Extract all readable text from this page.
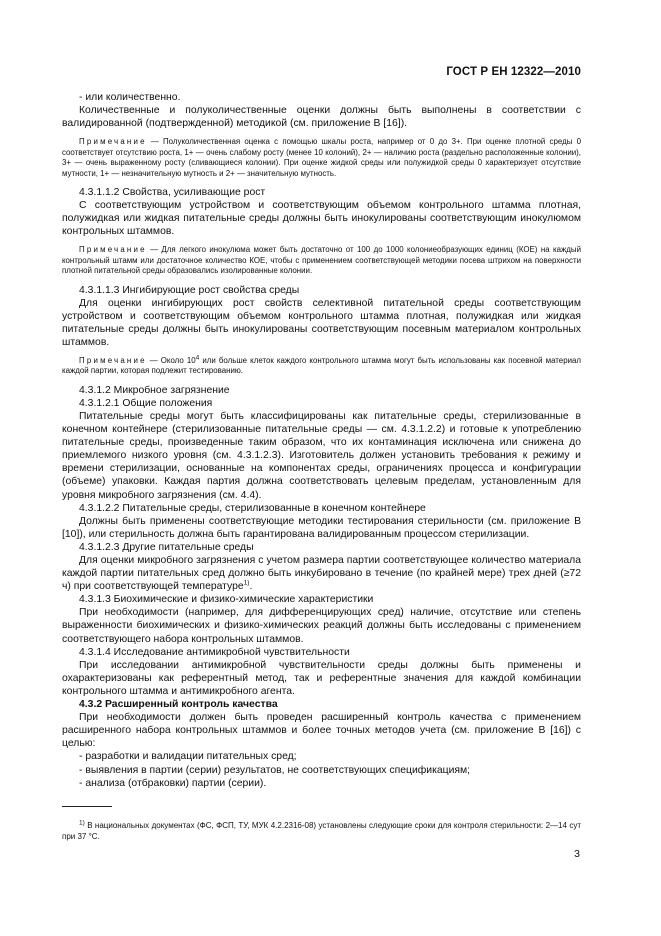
ГОСТ Р ЕН 12322—2010

- или количественно.

Количественные и полуколичественные оценки должны быть выполнены в соответствии с валидированной (подтвержденной) методикой (см. приложение В [16]).

Примечание — Полуколичественная оценка с помощью шкалы роста, например от 0 до 3+. При оценке плотной среды 0 соответствует отсутствию роста, 1+ — очень слабому росту (менее 10 колоний), 2+ — наличию роста (раздельно расположенные колонии), 3+ — очень выраженному росту (сливающиеся колонии). При оценке жидкой среды или полужидкой среды 0 характеризует отсутствие мутности, 1+ — незначительную мутность и 2+ — значительную мутность.

4.3.1.1.2 Свойства, усиливающие рост

С соответствующим устройством и соответствующим объемом контрольного штамма плотная, полужидкая или жидкая питательные среды должны быть инокулированы соответствующим инокулюмом контрольных штаммов.

Примечание — Для легкого инокулюма может быть достаточно от 100 до 1000 колониеобразующих единиц (КОЕ) на каждый контрольный штамм или достаточное количество КОЕ, чтобы с применением соответствующей методики посева штрихом на поверхности плотной питательной среды образовались изолированные колонии.

4.3.1.1.3 Ингибирующие рост свойства среды

Для оценки ингибирующих рост свойств селективной питательной среды соответствующим устройством и соответствующим объемом контрольного штамма плотная, полужидкая или жидкая питательные среды должны быть инокулированы соответствующим посевным материалом контрольных штаммов.

Примечание — Около $10^4$ или больше клеток каждого контрольного штамма могут быть использованы как посевной материал каждой партии, которая подлежит тестированию.

4.3.1.2 Микробное загрязнение

4.3.1.2.1 Общие положения

Питательные среды могут быть классифицированы как питательные среды, стерилизованные в конечном контейнере (стерилизованные питательные среды — см. 4.3.1.2.2) и готовые к употреблению питательные среды, произведенные таким образом, что их контаминация исключена или снижена до приемлемого низкого уровня (см. 4.3.1.2.3). Изготовитель должен установить требования к режиму и времени стерилизации, основанные на компонентах среды, ограничениях процесса и конфигурации (объеме) упаковки. Каждая партия должна соответствовать целевым пределам, установленным для уровня микробного загрязнения (см. 4.4).

4.3.1.2.2 Питательные среды, стерилизованные в конечном контейнере

Должны быть применены соответствующие методики тестирования стерильности (см. приложение В [10]), или стерильность должна быть гарантирована валидированным процессом стерилизации.

4.3.1.2.3 Другие питательные среды

Для оценки микробного загрязнения с учетом размера партии соответствующее количество материала каждой партии питательных сред должно быть инкубировано в течение (по крайней мере) трех дней (≥72 ч) при соответствующей температуре$^{1)}$.

4.3.1.3 Биохимические и физико-химические характеристики

При необходимости (например, для дифференцирующих сред) наличие, отсутствие или степень выраженности биохимических и физико-химических реакций должны быть исследованы с применением соответствующего набора контрольных штаммов.

4.3.1.4 Исследование антимикробной чувствительности

При исследовании антимикробной чувствительности среды должны быть применены и охарактеризованы как референтный метод, так и референтные значения для каждой комбинации контрольного штамма и антимикробного агента.

4.3.2 Расширенный контроль качества

При необходимости должен быть проведен расширенный контроль качества с применением расширенного набора контрольных штаммов и более точных методов учета (см. приложение В [16]) с целью:

- разработки и валидации питательных сред;

- выявления в партии (серии) результатов, не соответствующих спецификациям;

- анализа (отбраковки) партии (серии).

$^{1)}$ В национальных документах (ФС, ФСП, ТУ, МУК 4.2.2316-08) установлены следующие сроки для контроля стерильности: 2—14 сут при 37 °С.

3
